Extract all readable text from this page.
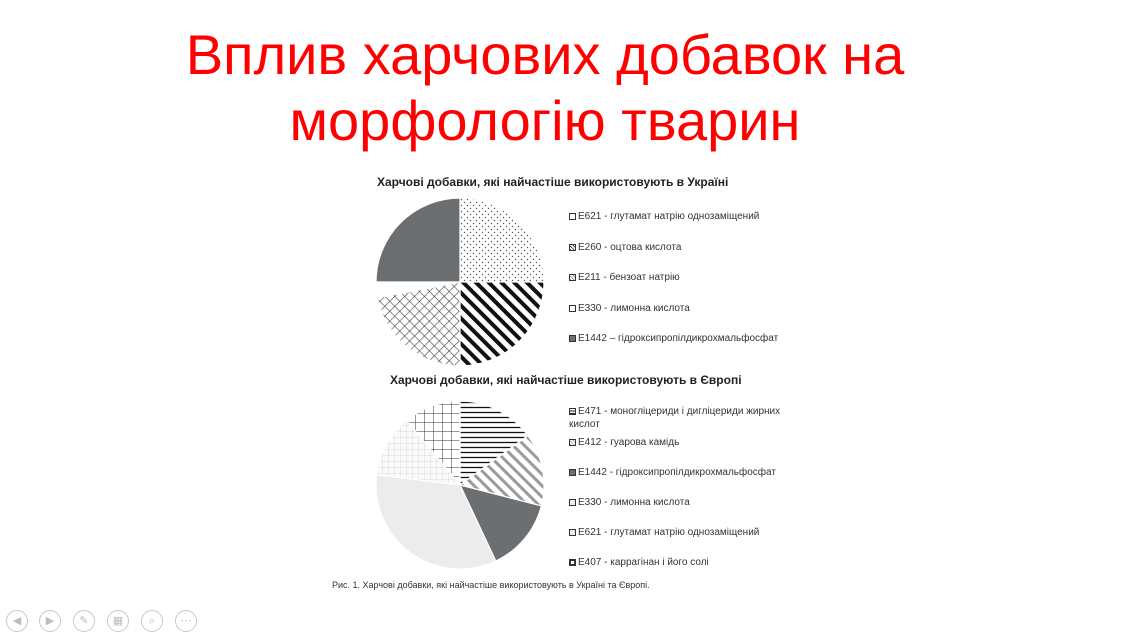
Вплив харчових добавок на
морфологію тварин
Харчові добавки, які найчастіше використовують в Україні
Е621 - глутамат натрію однозаміщений
Е260 - оцтова кислота
Е211 - бензоат натрію
Е330 - лимонна кислота
Е1442 – гідроксипропілдикрохмальфосфат
Харчові добавки, які найчастіше використовують в Європі
Е471 - моногліцериди і дигліцериди жирних кислот
Е412 - гуарова камідь
Е1442 - гідроксипропілдикрохмальфосфат
Е330 - лимонна кислота
Е621 - глутамат натрію однозаміщений
Е407 - каррагінан і його солі
Рис. 1. Харчові добавки, які найчастіше використовують в Україні та Європі.
◀	▶	✎	▦	⌕	⋯
